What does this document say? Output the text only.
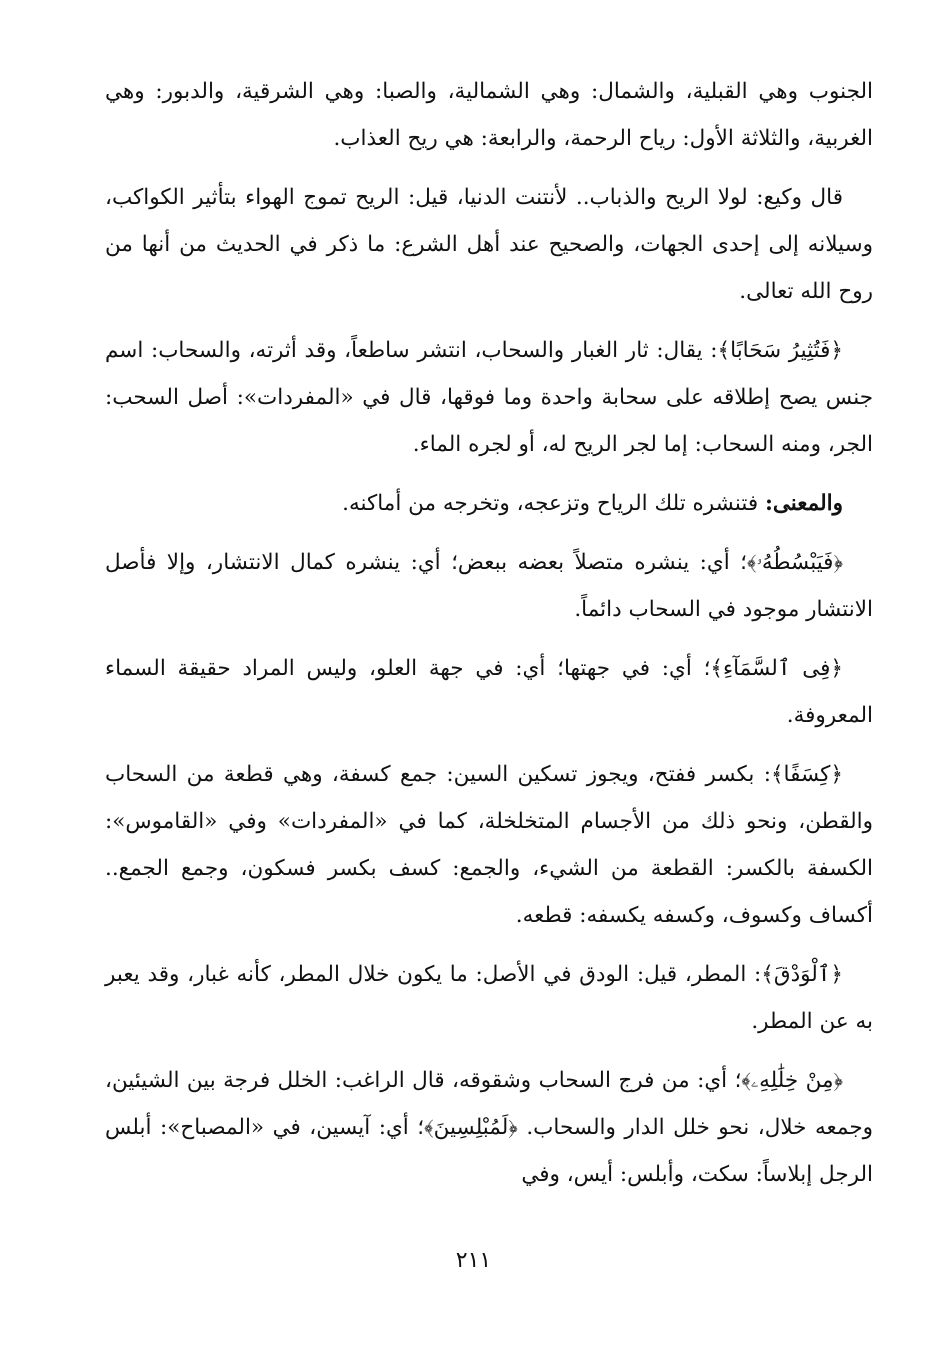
الجنوب وهي القبلية، والشمال: وهي الشمالية، والصبا: وهي الشرقية، والدبور: وهي الغربية، والثلاثة الأول: رياح الرحمة، والرابعة: هي ريح العذاب.

قال وكيع: لولا الريح والذباب.. لأنتنت الدنيا، قيل: الريح تموج الهواء بتأثير الكواكب، وسيلانه إلى إحدى الجهات، والصحيح عند أهل الشرع: ما ذكر في الحديث من أنها من روح الله تعالى.

﴿فَتُثِيرُ سَحَابًا﴾: يقال: ثار الغبار والسحاب، انتشر ساطعاً، وقد أثرته، والسحاب: اسم جنس يصح إطلاقه على سحابة واحدة وما فوقها، قال في «المفردات»: أصل السحب: الجر، ومنه السحاب: إما لجر الريح له، أو لجره الماء.

والمعنى: فتنشره تلك الرياح وتزعجه، وتخرجه من أماكنه.

﴿فَيَبْسُطُهُۥ﴾؛ أي: ينشره متصلاً بعضه ببعض؛ أي: ينشره كمال الانتشار، وإلا فأصل الانتشار موجود في السحاب دائماً.

﴿فِى ٱلسَّمَآءِ﴾؛ أي: في جهتها؛ أي: في جهة العلو، وليس المراد حقيقة السماء المعروفة.

﴿كِسَفًا﴾: بكسر ففتح، ويجوز تسكين السين: جمع كسفة، وهي قطعة من السحاب والقطن، ونحو ذلك من الأجسام المتخلخلة، كما في «المفردات» وفي «القاموس»: الكسفة بالكسر: القطعة من الشيء، والجمع: كسف بكسر فسكون، وجمع الجمع.. أكساف وكسوف، وكسفه يكسفه: قطعه.

﴿ٱلْوَدْقَ﴾: المطر، قيل: الودق في الأصل: ما يكون خلال المطر، كأنه غبار، وقد يعبر به عن المطر.

﴿مِنْ خِلَٰلِهِۦ﴾؛ أي: من فرج السحاب وشقوقه، قال الراغب: الخلل فرجة بين الشيئين، وجمعه خلال، نحو خلل الدار والسحاب. ﴿لَمُبْلِسِينَ﴾؛ أي: آيسين، في «المصباح»: أبلس الرجل إبلاساً: سكت، وأبلس: أيس، وفي

٢١١
